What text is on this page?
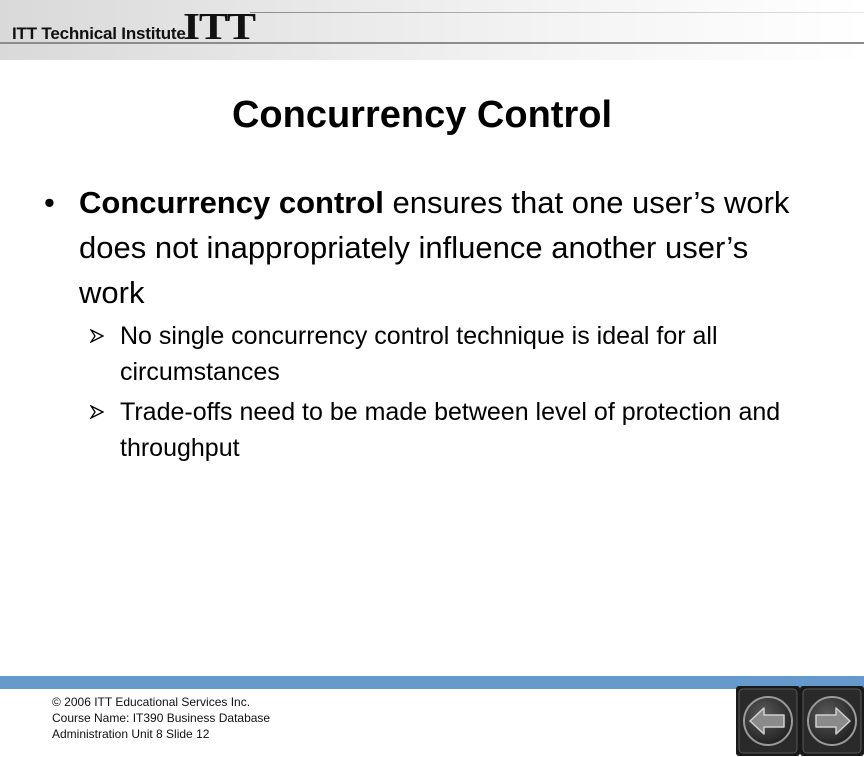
ITT Technical Institute
ITT
Concurrency Control
• Concurrency control ensures that one user’s work does not inappropriately influence another user’s work
No single concurrency control technique is ideal for all circumstances
Trade-offs need to be made between level of protection and throughput
© 2006 ITT Educational Services Inc.
Course Name: IT390 Business Database
Administration Unit 8 Slide 12
